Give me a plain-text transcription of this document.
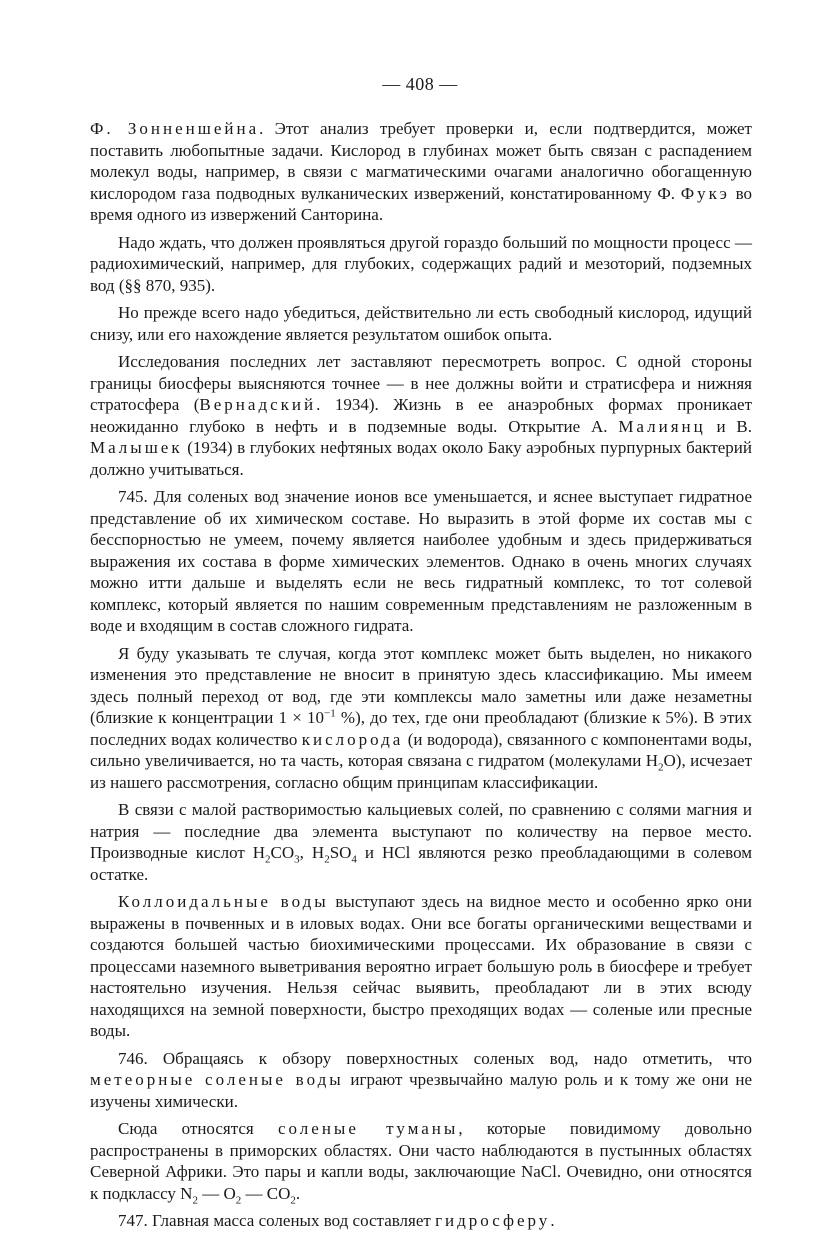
— 408 —

Ф. Зонненшейна. Этот анализ требует проверки и, если подтвердится, может поставить любопытные задачи. Кислород в глубинах может быть связан с распадением молекул воды, например, в связи с магматическими очагами аналогично обогащенную кислородом газа подводных вулканических извержений, констатированному Ф. Фукэ во время одного из извержений Санторина.

Надо ждать, что должен проявляться другой гораздо больший по мощности процесс — радиохимический, например, для глубоких, содержащих радий и мезоторий, подземных вод (§§ 870, 935).

Но прежде всего надо убедиться, действительно ли есть свободный кислород, идущий снизу, или его нахождение является результатом ошибок опыта.

Исследования последних лет заставляют пересмотреть вопрос. С одной стороны границы биосферы выясняются точнее — в нее должны войти и стратисфера и нижняя стратосфера (Вернадский. 1934). Жизнь в ее анаэробных формах проникает неожиданно глубоко в нефть и в подземные воды. Открытие А. Малиянц и В. Малышек (1934) в глубоких нефтяных водах около Баку аэробных пурпурных бактерий должно учитываться.

745. Для соленых вод значение ионов все уменьшается, и яснее выступает гидратное представление об их химическом составе. Но выразить в этой форме их состав мы с бесспорностью не умеем, почему является наиболее удобным и здесь придерживаться выражения их состава в форме химических элементов. Однако в очень многих случаях можно итти дальше и выделять если не весь гидратный комплекс, то тот солевой комплекс, который является по нашим современным представлениям не разложенным в воде и входящим в состав сложного гидрата.

Я буду указывать те случая, когда этот комплекс может быть выделен, но никакого изменения это представление не вносит в принятую здесь классификацию. Мы имеем здесь полный переход от вод, где эти комплексы мало заметны или даже незаметны (близкие к концентрации $1 \times 10^{-1}$ %), до тех, где они преобладают (близкие к 5%). В этих последних водах количество кислорода (и водорода), связанного с компонентами воды, сильно увеличивается, но та часть, которая связана с гидратом (молекулами $H_2O$), исчезает из нашего рассмотрения, согласно общим принципам классификации.

В связи с малой растворимостью кальциевых солей, по сравнению с солями магния и натрия — последние два элемента выступают по количеству на первое место. Производные кислот $H_2CO_3$, $H_2SO_4$ и HCl являются резко преобладающими в солевом остатке.

Коллоидальные воды выступают здесь на видное место и особенно ярко они выражены в почвенных и в иловых водах. Они все богаты органическими веществами и создаются большей частью биохимическими процессами. Их образование в связи с процессами наземного выветривания вероятно играет большую роль в биосфере и требует настоятельно изучения. Нельзя сейчас выявить, преобладают ли в этих всюду находящихся на земной поверхности, быстро преходящих водах — соленые или пресные воды.

746. Обращаясь к обзору поверхностных соленых вод, надо отметить, что метеорные соленые воды играют чрезвычайно малую роль и к тому же они не изучены химически.

Сюда относятся соленые туманы, которые повидимому довольно распространены в приморских областях. Они часто наблюдаются в пустынных областях Северной Африки. Это пары и капли воды, заключающие NaCl. Очевидно, они относятся к подклассу $N_2$ — $O_2$ — $CO_2$.

747. Главная масса соленых вод составляет гидросферу.
